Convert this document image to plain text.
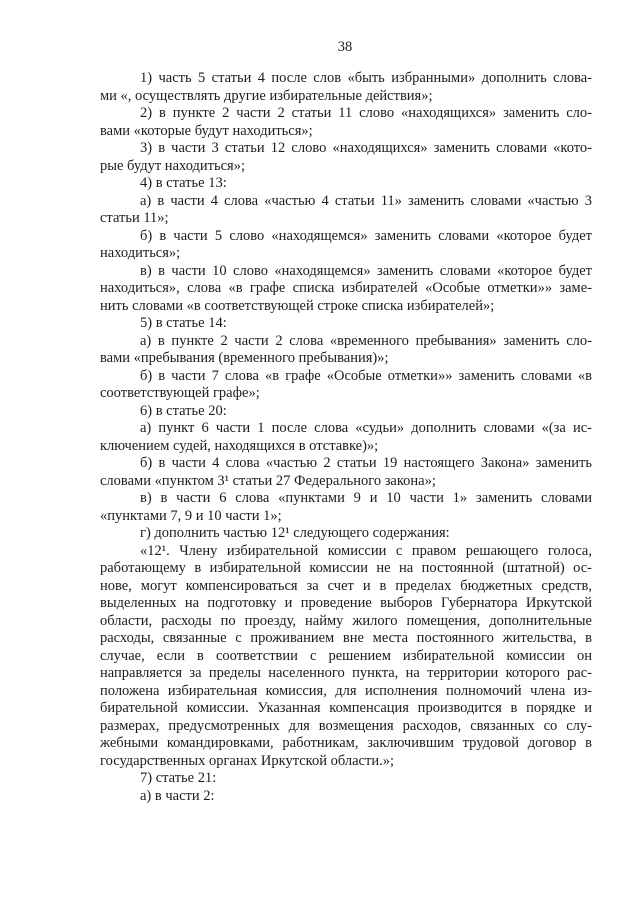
38
1) часть 5 статьи 4 после слов «быть избранными» дополнить слова-
ми «, осуществлять другие избирательные действия»;
2) в пункте 2 части 2 статьи 11 слово «находящихся» заменить сло-
вами «которые будут находиться»;
3) в части 3 статьи 12 слово «находящихся» заменить словами «кото-
рые будут находиться»;
4) в статье 13:
а) в части 4 слова «частью 4 статьи 11» заменить словами «частью 3
статьи 11»;
б) в части 5 слово «находящемся» заменить словами «которое будет
находиться»;
в) в части 10 слово «находящемся» заменить словами «которое будет
находиться», слова «в графе списка избирателей «Особые отметки»» заме-
нить словами «в соответствующей строке списка избирателей»;
5) в статье 14:
а) в пункте 2 части 2 слова «временного пребывания» заменить сло-
вами «пребывания (временного пребывания)»;
б) в части 7 слова «в графе «Особые отметки»» заменить словами «в
соответствующей графе»;
6) в статье 20:
а) пункт 6 части 1 после слова «судьи» дополнить словами «(за ис-
ключением судей, находящихся в отставке)»;
б) в части 4 слова «частью 2 статьи 19 настоящего Закона» заменить
словами «пунктом 3¹ статьи 27 Федерального закона»;
в) в части 6 слова «пунктами 9 и 10 части 1» заменить словами
«пунктами 7, 9 и 10 части 1»;
г) дополнить частью 12¹ следующего содержания:
«12¹. Члену избирательной комиссии с правом решающего голоса,
работающему в избирательной комиссии не на постоянной (штатной) ос-
нове, могут компенсироваться за счет и в пределах бюджетных средств,
выделенных на подготовку и проведение выборов Губернатора Иркутской
области, расходы по проезду, найму жилого помещения, дополнительные
расходы, связанные с проживанием вне места постоянного жительства, в
случае, если в соответствии с решением избирательной комиссии он
направляется за пределы населенного пункта, на территории которого рас-
положена избирательная комиссия, для исполнения полномочий члена из-
бирательной комиссии. Указанная компенсация производится в порядке и
размерах, предусмотренных для возмещения расходов, связанных со слу-
жебными командировками, работникам, заключившим трудовой договор в
государственных органах Иркутской области.»;
7) статье 21:
а) в части 2:
